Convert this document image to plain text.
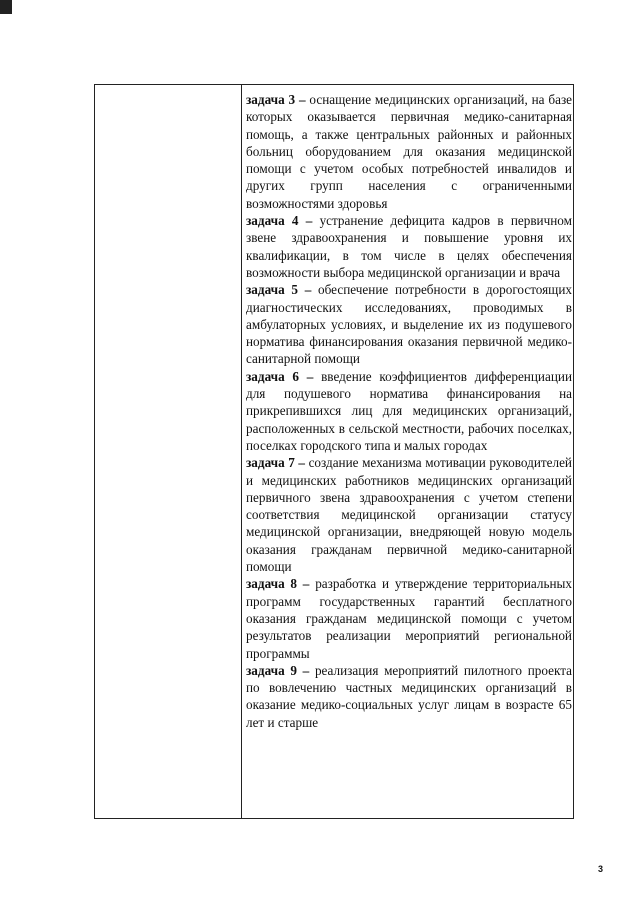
задача 3 – оснащение медицинских организаций, на базе которых оказывается первичная медико-санитарная помощь, а также центральных районных и районных больниц оборудованием для оказания медицинской помощи с учетом особых потребностей инвалидов и других групп населения с ограниченными возможностями здоровья

задача 4 – устранение дефицита кадров в первичном звене здравоохранения и повышение уровня их квалификации, в том числе в целях обеспечения возможности выбора медицинской организации и врача

задача 5 – обеспечение потребности в дорогостоящих диагностических исследованиях, проводимых в амбулаторных условиях, и выделение их из подушевого норматива финансирования оказания первичной медико-санитарной помощи

задача 6 – введение коэффициентов дифференциации для подушевого норматива финансирования на прикрепившихся лиц для медицинских организаций, расположенных в сельской местности, рабочих поселках, поселках городского типа и малых городах

задача 7 – создание механизма мотивации руководителей и медицинских работников медицинских организаций первичного звена здравоохранения с учетом степени соответствия медицинской организации статусу медицинской организации, внедряющей новую модель оказания гражданам первичной медико-санитарной помощи

задача 8 – разработка и утверждение территориальных программ государственных гарантий бесплатного оказания гражданам медицинской помощи с учетом результатов реализации мероприятий региональной программы

задача 9 – реализация мероприятий пилотного проекта по вовлечению частных медицинских организаций в оказание медико-социальных услуг лицам в возрасте 65 лет и старше

3
